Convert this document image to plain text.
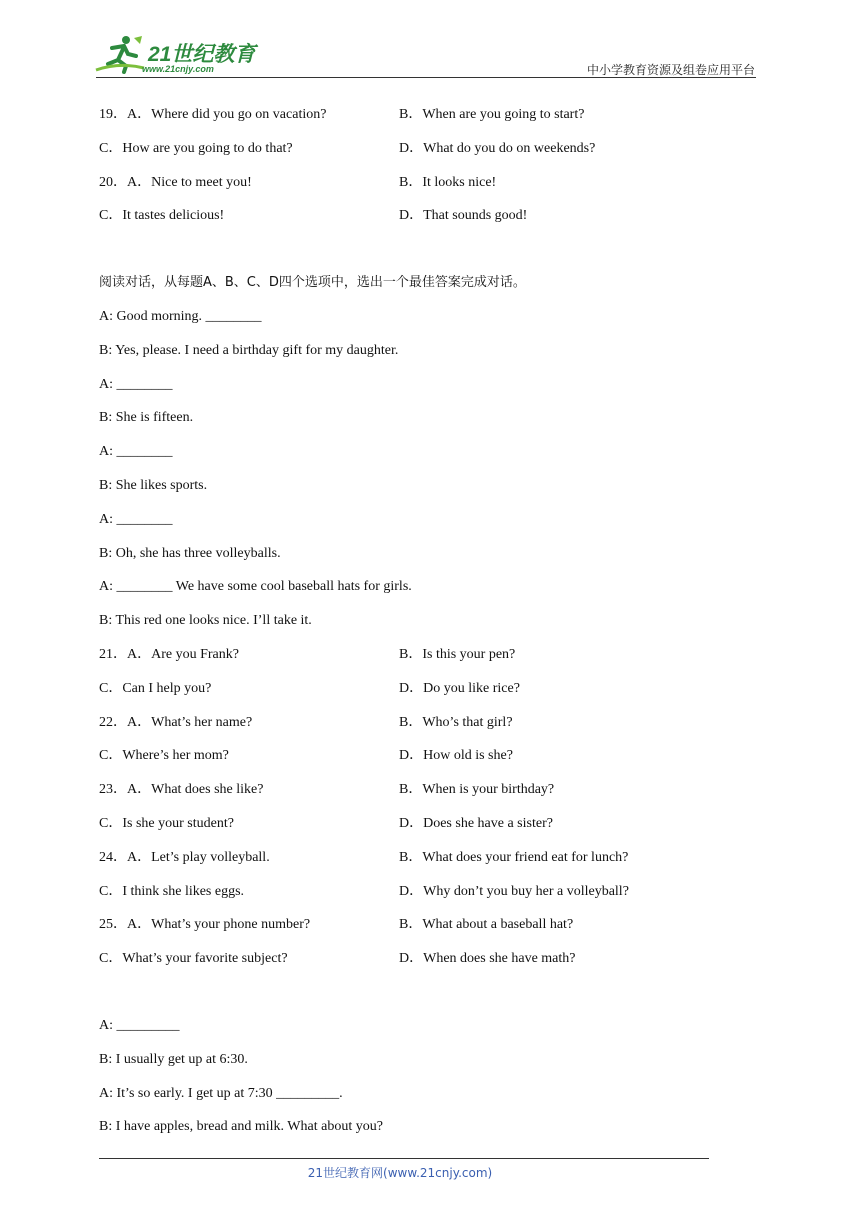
21世纪教育
www.21cnjy.com	中小学教育资源及组卷应用平台
19．A．Where did you go on vacation?	B．When are you going to start?
C．How are you going to do that?	D．What do you do on weekends?
20．A．Nice to meet you!	B．It looks nice!
C．It tastes delicious!	D．That sounds good!
阅读对话，从每题A、B、C、D四个选项中，选出一个最佳答案完成对话。
A: Good morning. ________
B: Yes, please. I need a birthday gift for my daughter.
A: ________
B: She is fifteen.
A: ________
B: She likes sports.
A: ________
B: Oh, she has three volleyballs.
A: ________ We have some cool baseball hats for girls.
B: This red one looks nice. I’ll take it.
21．A．Are you Frank?	B．Is this your pen?
C．Can I help you?	D．Do you like rice?
22．A．What’s her name?	B．Who’s that girl?
C．Where’s her mom?	D．How old is she?
23．A．What does she like?	B．When is your birthday?
C．Is she your student?	D．Does she have a sister?
24．A．Let’s play volleyball.	B．What does your friend eat for lunch?
C．I think she likes eggs.	D．Why don’t you buy her a volleyball?
25．A．What’s your phone number?	B．What about a baseball hat?
C．What’s your favorite subject?	D．When does she have math?
A: _________
B: I usually get up at 6:30.
A: It’s so early. I get up at 7:30 _________.
B: I have apples, bread and milk. What about you?
21世纪教育网(www.21cnjy.com)
